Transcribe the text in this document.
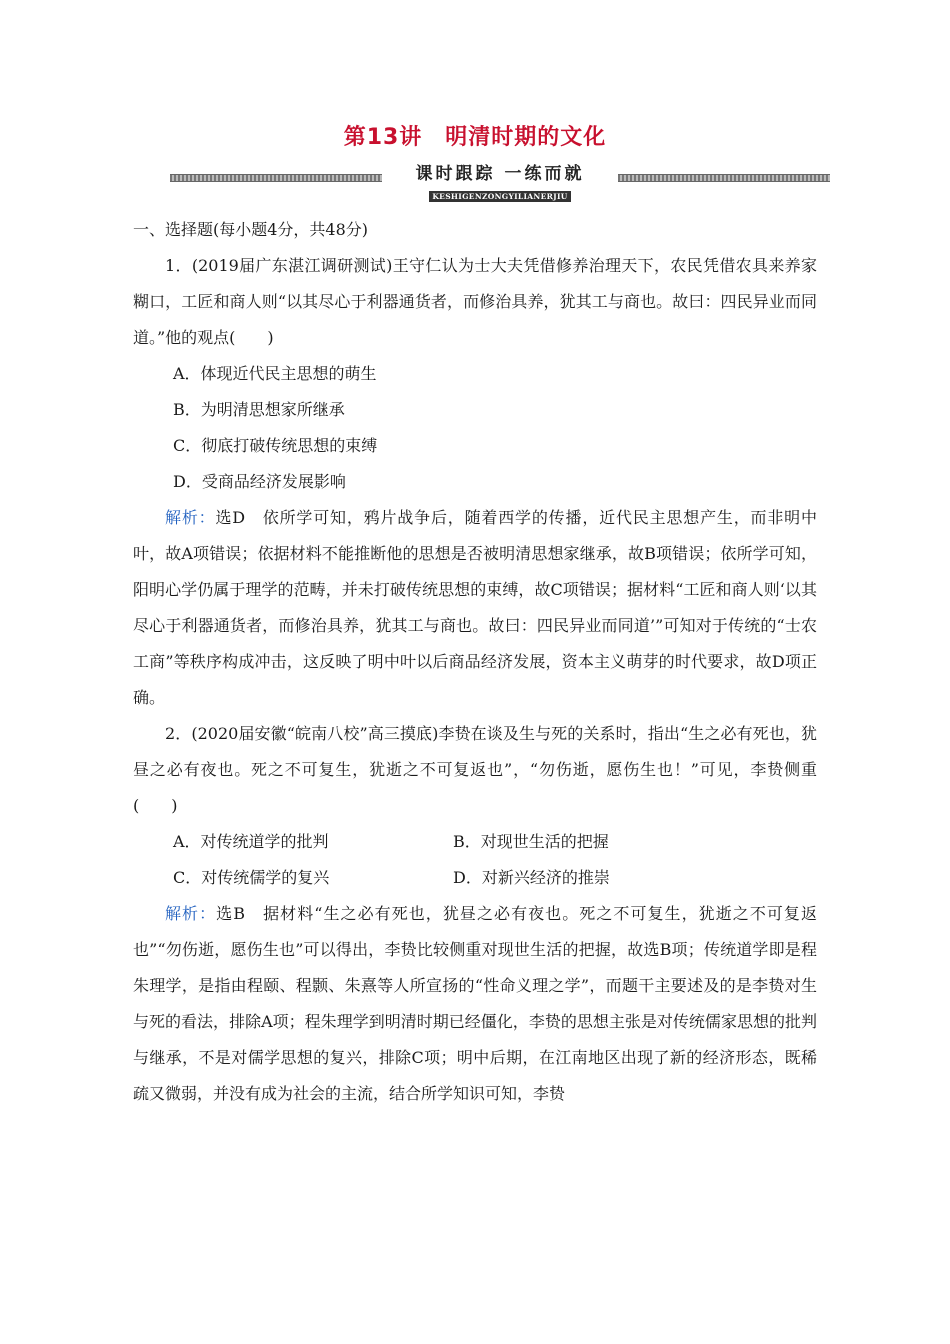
第13讲　明清时期的文化
课时跟踪 一练而就
KESHIGENZONGYILIANERJIU

一、选择题(每小题4分，共48分)

1．(2019届广东湛江调研测试)王守仁认为士大夫凭借修养治理天下，农民凭借农具来养家糊口，工匠和商人则“以其尽心于利器通货者，而修治具养，犹其工与商也。故曰：四民异业而同道。”他的观点(　　)

A．体现近代民主思想的萌生

B．为明清思想家所继承

C．彻底打破传统思想的束缚

D．受商品经济发展影响

解析：选D　依所学可知，鸦片战争后，随着西学的传播，近代民主思想产生，而非明中叶，故A项错误；依据材料不能推断他的思想是否被明清思想家继承，故B项错误；依所学可知，阳明心学仍属于理学的范畴，并未打破传统思想的束缚，故C项错误；据材料“工匠和商人则‘以其尽心于利器通货者，而修治具养，犹其工与商也。故曰：四民异业而同道’”可知对于传统的“士农工商”等秩序构成冲击，这反映了明中叶以后商品经济发展，资本主义萌芽的时代要求，故D项正确。

2．(2020届安徽“皖南八校”高三摸底)李贽在谈及生与死的关系时，指出“生之必有死也，犹昼之必有夜也。死之不可复生，犹逝之不可复返也”，“勿伤逝，愿伤生也！”可见，李贽侧重(　　)

A．对传统道学的批判	B．对现世生活的把握
C．对传统儒学的复兴	D．对新兴经济的推崇

解析：选B　据材料“生之必有死也，犹昼之必有夜也。死之不可复生，犹逝之不可复返也”“勿伤逝，愿伤生也”可以得出，李贽比较侧重对现世生活的把握，故选B项；传统道学即是程朱理学，是指由程颐、程颢、朱熹等人所宣扬的“性命义理之学”，而题干主要述及的是李贽对生与死的看法，排除A项；程朱理学到明清时期已经僵化，李贽的思想主张是对传统儒家思想的批判与继承，不是对儒学思想的复兴，排除C项；明中后期，在江南地区出现了新的经济形态，既稀疏又微弱，并没有成为社会的主流，结合所学知识可知，李贽
